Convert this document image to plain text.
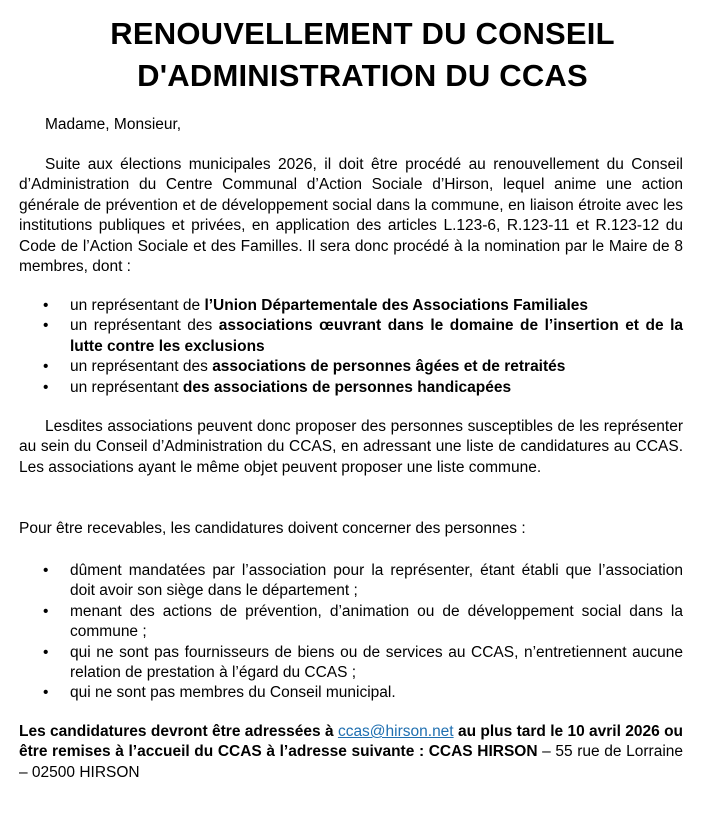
RENOUVELLEMENT DU CONSEIL
D'ADMINISTRATION DU CCAS
Madame, Monsieur,
Suite aux élections municipales 2026, il doit être procédé au renouvellement du Conseil d’Administration du Centre Communal d’Action Sociale d’Hirson, lequel anime une action générale de prévention et de développement social dans la commune, en liaison étroite avec les institutions publiques et privées, en application des articles L.123-6, R.123-11 et R.123-12 du Code de l’Action Sociale et des Familles. Il sera donc procédé à la nomination par le Maire de 8 membres, dont :
• un représentant de l’Union Départementale des Associations Familiales
• un représentant des associations œuvrant dans le domaine de l’insertion et de la lutte contre les exclusions
• un représentant des associations de personnes âgées et de retraités
• un représentant des associations de personnes handicapées
Lesdites associations peuvent donc proposer des personnes susceptibles de les représenter au sein du Conseil d’Administration du CCAS, en adressant une liste de candidatures au CCAS. Les associations ayant le même objet peuvent proposer une liste commune.
Pour être recevables, les candidatures doivent concerner des personnes :
• dûment mandatées par l’association pour la représenter, étant établi que l’association doit avoir son siège dans le département ;
• menant des actions de prévention, d’animation ou de développement social dans la commune ;
• qui ne sont pas fournisseurs de biens ou de services au CCAS, n’entretiennent aucune relation de prestation à l’égard du CCAS ;
• qui ne sont pas membres du Conseil municipal.
Les candidatures devront être adressées à ccas@hirson.net au plus tard le 10 avril 2026 ou être remises à l’accueil du CCAS à l’adresse suivante : CCAS HIRSON – 55 rue de Lorraine – 02500 HIRSON
